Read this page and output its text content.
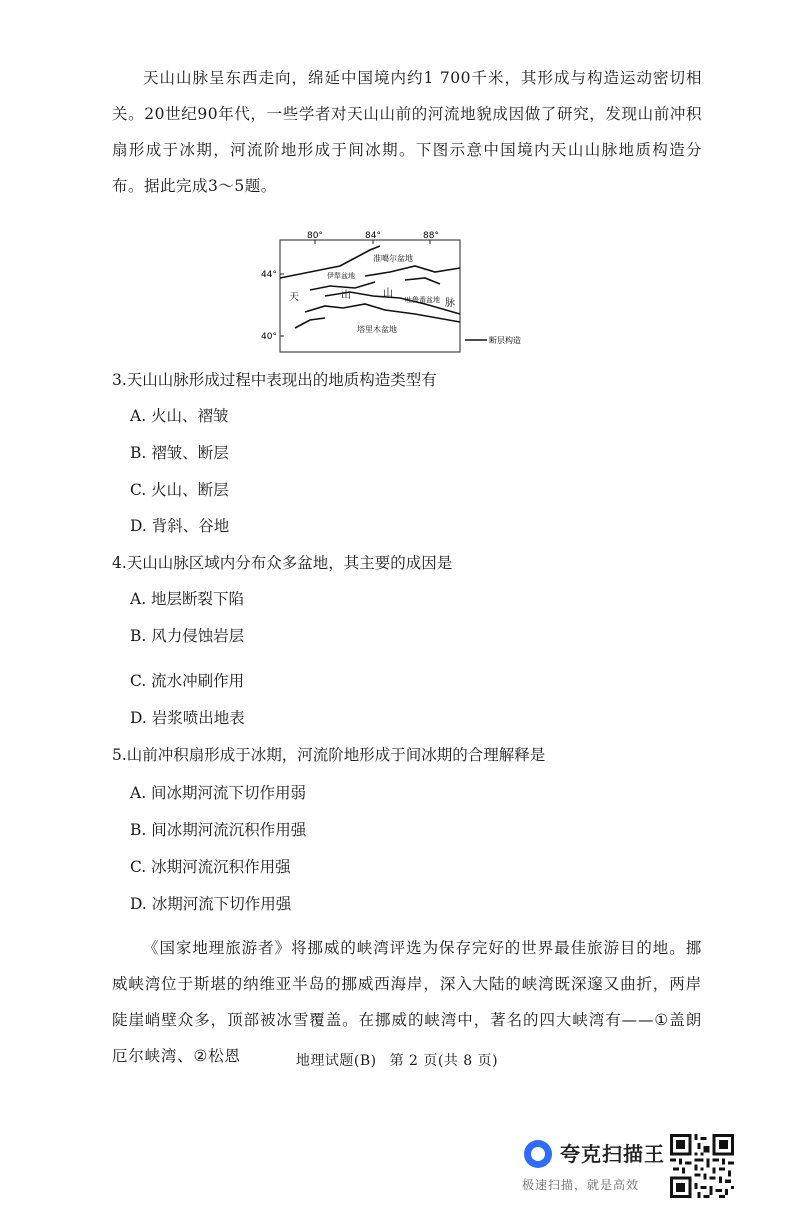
天山山脉呈东西走向，绵延中国境内约1 700千米，其形成与构造运动密切相关。20世纪90年代，一些学者对天山山前的河流地貌成因做了研究，发现山前冲积扇形成于冰期，河流阶地形成于间冰期。下图示意中国境内天山山脉地质构造分布。据此完成3～5题。

80°	84°	88°
44°
40°
准噶尔盆地
伊犁盆地
天	山	山
脉
吐鲁番盆地
塔里木盆地
断层构造

3.天山山脉形成过程中表现出的地质构造类型有

A. 火山、褶皱

B. 褶皱、断层

C. 火山、断层

D. 背斜、谷地

4.天山山脉区域内分布众多盆地，其主要的成因是

A. 地层断裂下陷

B. 风力侵蚀岩层

C. 流水冲刷作用

D. 岩浆喷出地表

5.山前冲积扇形成于冰期，河流阶地形成于间冰期的合理解释是

A. 间冰期河流下切作用弱

B. 间冰期河流沉积作用强

C. 冰期河流沉积作用强

D. 冰期河流下切作用强

《国家地理旅游者》将挪威的峡湾评选为保存完好的世界最佳旅游目的地。挪威峡湾位于斯堪的纳维亚半岛的挪威西海岸，深入大陆的峡湾既深邃又曲折，两岸陡崖峭壁众多，顶部被冰雪覆盖。在挪威的峡湾中，著名的四大峡湾有——①盖朗厄尔峡湾、②松恩	地理试题(B) 第 2 页(共 8 页)
夸克扫描王
极速扫描，就是高效
